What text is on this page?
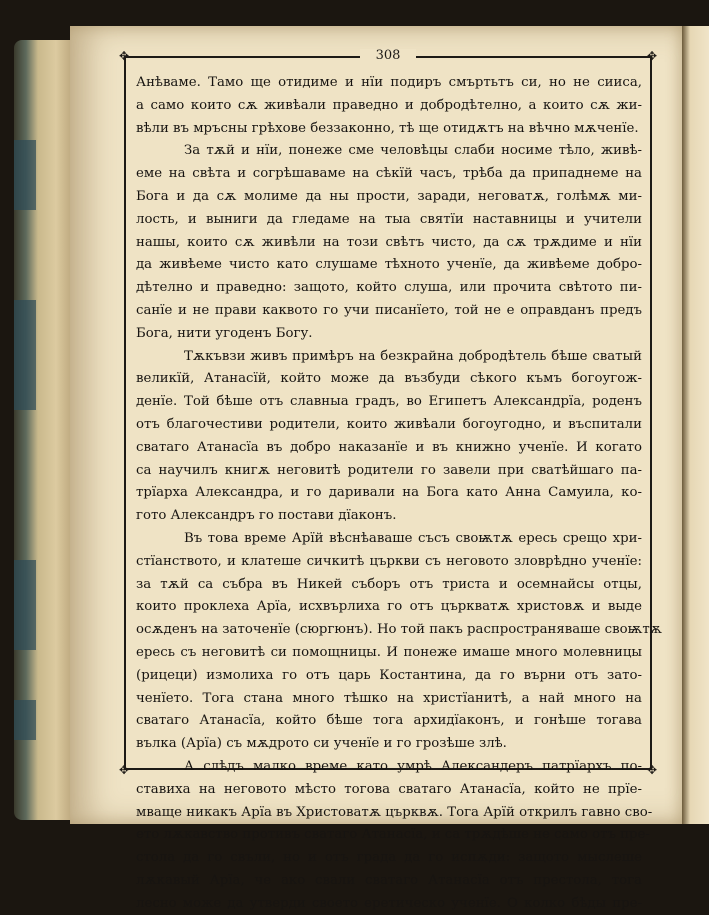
✥	✥
✥	✥
308
Анѣваме. Тамо ще отидиме и нїи подиръ смъртьтъ си, но не сииса,
а само които сѫ живѣали праведно и добродѣтелно, а които сѫ жи-
вѣли въ мръсны грѣхове беззаконно, тѣ ще отидѫтъ на вѣчно мѫченїе.
За тѫй и нїи, понеже сме человѣцы слаби носиме тѣло, живѣ-
еме на свѣта и согрѣшаваме на сѣкїй часъ, трѣба да припаднеме на
Бога и да сѫ молиме да ны прости, заради, неговатѫ, голѣмѫ ми-
лость, и выниги да гледаме на тыа святїи наставницы и учители
нашы, които сѫ живѣли на този свѣтъ чисто, да сѫ трѫдиме и нїи
да живѣеме чисто като слушаме тѣхното ученїе, да живѣеме добро-
дѣтелно и праведно: защото, който слуша, или прочита свѣтото пи-
санїе и не прави каквото го учи писанїето, той не е оправданъ предъ
Бога, нити угоденъ Богу.
Тѫкъвзи живъ примѣръ на безкрайна добродѣтель бѣше сватый
великїй, Атанасїй, който може да възбуди сѣкого къмъ богоугож-
денїе. Той бѣше отъ славныа градъ, во Египетъ Александрїа, роденъ
отъ благочестиви родители, които живѣали богоугодно, и въспитали
сватаго Атанасїа въ добро наказанїе и въ книжно ученїе. И когато
са научилъ книгѫ неговитѣ родители го завели при сватѣйшаго па-
трїарха Александра, и го даривали на Бога като Анна Самуила, ко-
гото Александръ го постави дїаконъ.
Въ това време Арїй вѣснѣаваше съсъ своѭтѫ ересь срещо хри-
стїанството, и клатеше сичкитѣ църкви съ неговото зловрѣдно ученїе:
за тѫй са събра въ Никей съборъ отъ триста и осемнайсы отцы,
които проклеха Арїа, исхвърлиха го отъ църкватѫ христовѫ и выде
осѫденъ на заточенїе (сюргюнъ). Но той пакъ распространяваше своѭтѫ
ересь съ неговитѣ си помощницы. И понеже имаше много молевницы
(рицеци) измолиха го отъ царь Костантина, да го върни отъ зато-
ченїето. Тога стана много тѣшко на христїанитѣ, а най много на
сватаго Атанасїа, който бѣше тога архидїаконъ, и гонѣше тогава
вълка (Арїа) съ мѫдрото си ученїе и го грозѣше злѣ.
А слѣдъ малко време като умрѣ Александеръ патрїархъ по-
ставиха на неговото мѣсто тогова сватаго Атанасїа, който не прїе-
мваще никакъ Арїа въ Христоватѫ църквѫ. Тога Арїй открилъ гавно сво-
ето лѫкавство противъ сватаго Атанасїа, и са трѫдѣше не само отъ пре-
стола да го свъли, но и отъ града да го испѫди: защото мыслеше
лѫкавый Арїа, че ако свали сватаго Атанасїа отъ престола, тога
лесно може да утверди своето еретическо ученїе. О колко бѣды пре-
